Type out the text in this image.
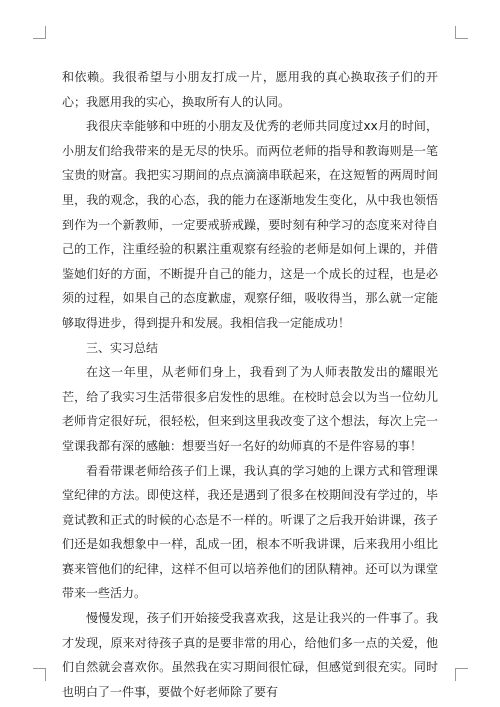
和依赖。我很希望与小朋友打成一片，愿用我的真心换取孩子们的开心；我愿用我的实心，换取所有人的认同。

我很庆幸能够和中班的小朋友及优秀的老师共同度过xx月的时间，小朋友们给我带来的是无尽的快乐。而两位老师的指导和教诲则是一笔宝贵的财富。我把实习期间的点点滴滴串联起来，在这短暂的两周时间里，我的观念，我的心态，我的能力在逐渐地发生变化，从中我也领悟到作为一个新教师，一定要戒骄戒躁，要时刻有种学习的态度来对待自己的工作，注重经验的积累注重观察有经验的老师是如何上课的，并借鉴她们好的方面，不断提升自己的能力，这是一个成长的过程，也是必须的过程，如果自己的态度歉虚，观察仔细，吸收得当，那么就一定能够取得进步，得到提升和发展。我相信我一定能成功！

三、实习总结

在这一年里，从老师们身上，我看到了为人师表散发出的耀眼光芒，给了我实习生活带很多启发性的思维。在校时总会以为当一位幼儿老师肯定很好玩，很轻松，但来到这里我改变了这个想法，每次上完一堂课我都有深的感触：想要当好一名好的幼师真的不是件容易的事！

看看带课老师给孩子们上课，我认真的学习她的上课方式和管理课堂纪律的方法。即使这样，我还是遇到了很多在校期间没有学过的，毕竟试教和正式的时候的心态是不一样的。听课了之后我开始讲课，孩子们还是如我想象中一样，乱成一团，根本不听我讲课，后来我用小组比赛来管他们的纪律，这样不但可以培养他们的团队精神。还可以为课堂带来一些活力。

慢慢发现，孩子们开始接受我喜欢我，这是让我兴的一件事了。我才发现，原来对待孩子真的是要非常的用心，给他们多一点的关爱，他们自然就会喜欢你。虽然我在实习期间很忙碌，但感觉到很充实。同时也明白了一件事，要做个好老师除了要有
